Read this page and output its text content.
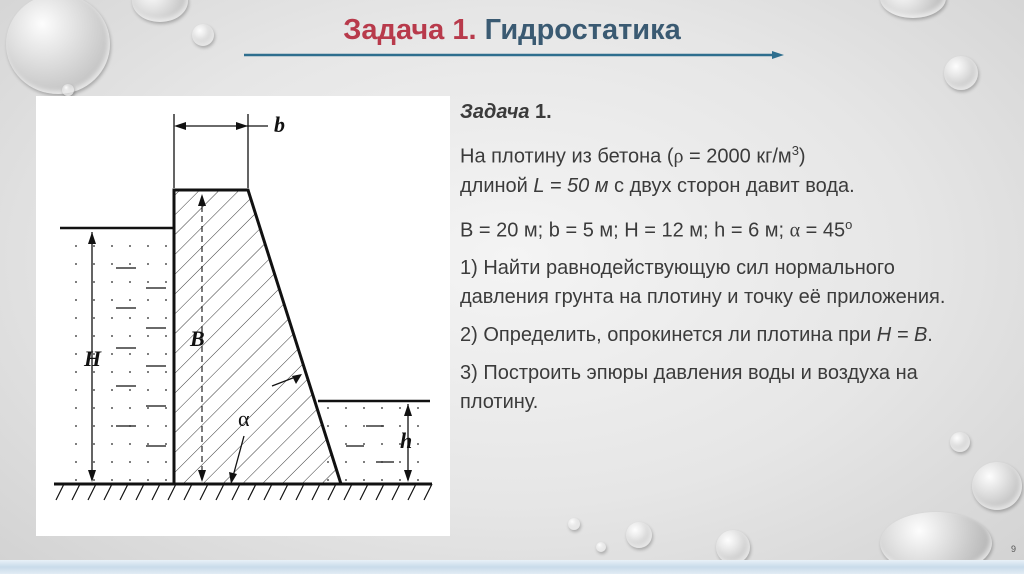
Задача 1. Гидростатика
b
B
H
h
α

Задача 1.

На плотину из бетона (ρ = 2000 $кг/м^3$)
длиной L = 50 м с двух сторон давит вода.

B = 20 м; b = 5 м; H = 12 м; h = 6 м; $\alpha = 45^o$

1) Найти равнодействующую сил нормального давления грунта на плотину и точку её приложения.

2) Определить, опрокинется ли плотина при H = B.

3) Построить эпюры давления воды и воздуха на плотину.

9
